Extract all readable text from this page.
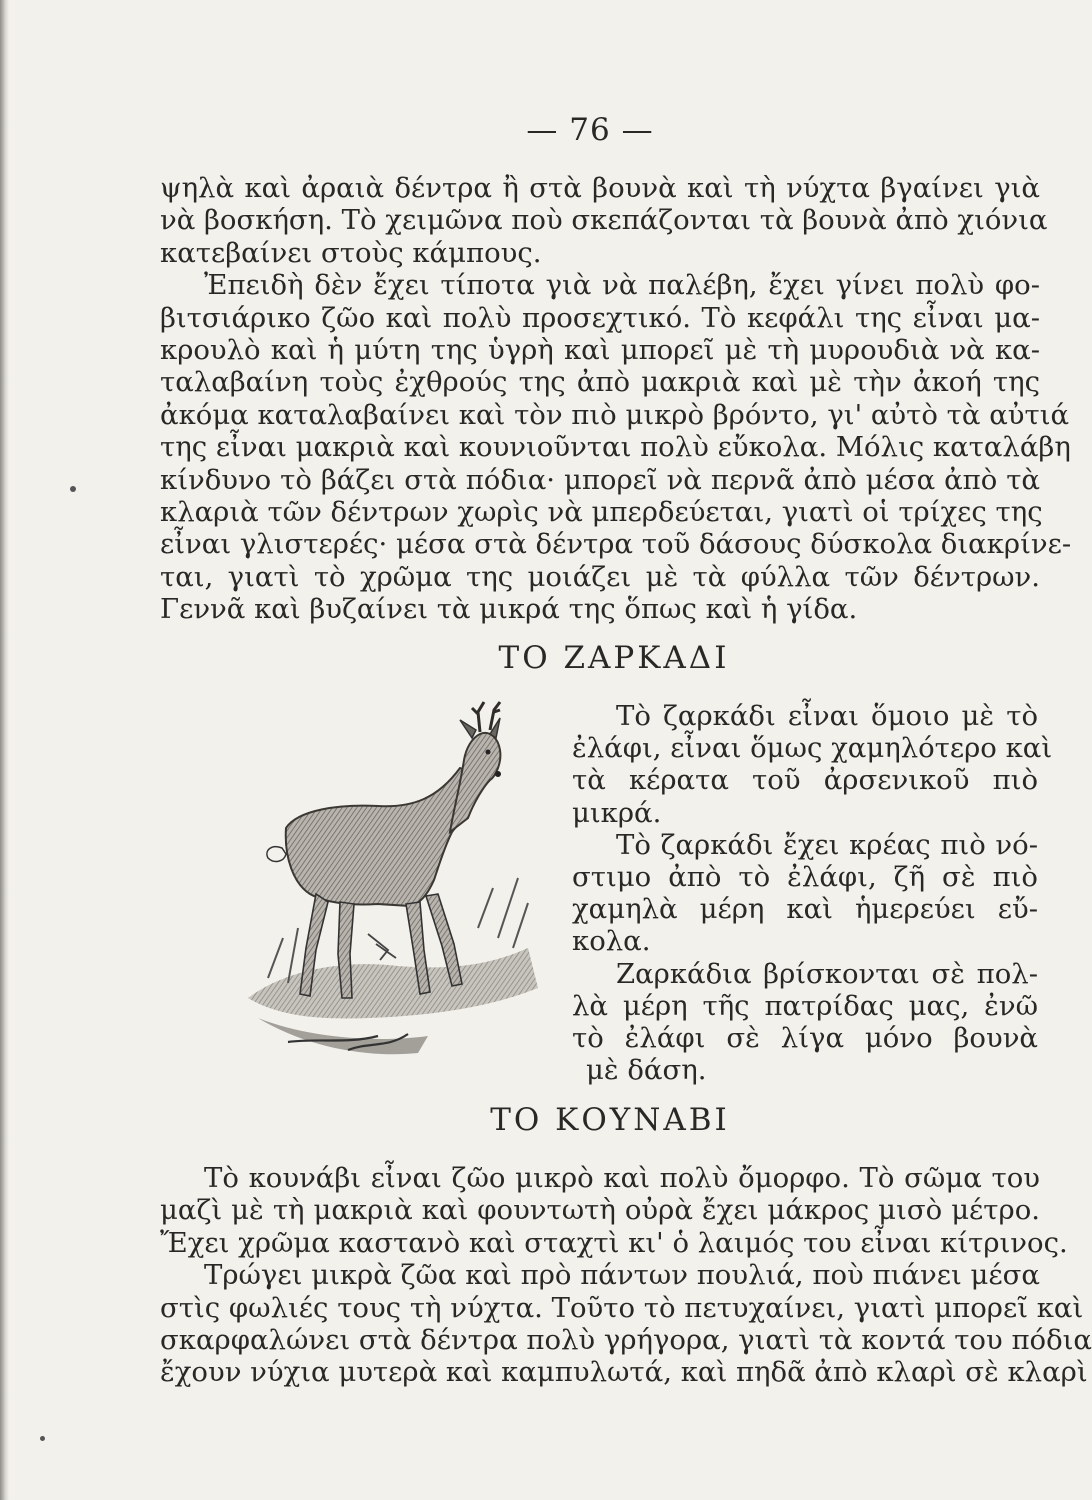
— 76 —
ψηλὰ καὶ ἀραιὰ δέντρα ἢ στὰ βουνὰ καὶ τὴ νύχτα βγαίνει γιὰ
νὰ βοσκήση. Τὸ χειμῶνα ποὺ σκεπάζονται τὰ βουνὰ ἀπὸ χιόνια
κατεβαίνει στοὺς κάμπους.
Ἐπειδὴ δὲν ἔχει τίποτα γιὰ νὰ παλέβη, ἔχει γίνει πολὺ φο-
βιτσιάρικο ζῶο καὶ πολὺ προσεχτικό. Τὸ κεφάλι της εἶναι μα-
κρουλὸ καὶ ἡ μύτη της ὑγρὴ καὶ μπορεῖ μὲ τὴ μυρουδιὰ νὰ κα-
ταλαβαίνη τοὺς ἐχθρούς της ἀπὸ μακριὰ καὶ μὲ τὴν ἀκοή της
ἀκόμα καταλαβαίνει καὶ τὸν πιὸ μικρὸ βρόντο, γι' αὐτὸ τὰ αὐτιά
της εἶναι μακριὰ καὶ κουνιοῦνται πολὺ εὔκολα. Μόλις καταλάβη
κίνδυνο τὸ βάζει στὰ πόδια· μπορεῖ νὰ περνᾶ ἀπὸ μέσα ἀπὸ τὰ
κλαριὰ τῶν δέντρων χωρὶς νὰ μπερδεύεται, γιατὶ οἱ τρίχες της
εἶναι γλιστερές· μέσα στὰ δέντρα τοῦ δάσους δύσκολα διακρίνε-
ται, γιατὶ τὸ χρῶμα της μοιάζει μὲ τὰ φύλλα τῶν δέντρων.
Γεννᾶ καὶ βυζαίνει τὰ μικρά της ὅπως καὶ ἡ γίδα.
ΤΟ ΖΑΡΚΑΔΙ
Τὸ ζαρκάδι εἶναι ὅμοιο μὲ τὸ
ἐλάφι, εἶναι ὅμως χαμηλότερο καὶ
τὰ κέρατα τοῦ ἀρσενικοῦ πιὸ
μικρά.
Τὸ ζαρκάδι ἔχει κρέας πιὸ νό-
στιμο ἀπὸ τὸ ἐλάφι, ζῆ σὲ πιὸ
χαμηλὰ μέρη καὶ ἡμερεύει εὔ-
κολα.
Ζαρκάδια βρίσκονται σὲ πολ-
λὰ μέρη τῆς πατρίδας μας, ἐνῶ
τὸ ἐλάφι σὲ λίγα μόνο βουνὰ
μὲ δάση.
ΤΟ ΚΟΥΝΑΒΙ
Τὸ κουνάβι εἶναι ζῶο μικρὸ καὶ πολὺ ὄμορφο. Τὸ σῶμα του
μαζὶ μὲ τὴ μακριὰ καὶ φουντωτὴ οὐρὰ ἔχει μάκρος μισὸ μέτρο.
Ἔχει χρῶμα καστανὸ καὶ σταχτὶ κι' ὁ λαιμός του εἶναι κίτρινος.
Τρώγει μικρὰ ζῶα καὶ πρὸ πάντων πουλιά, ποὺ πιάνει μέσα
στὶς φωλιές τους τὴ νύχτα. Τοῦτο τὸ πετυχαίνει, γιατὶ μπορεῖ καὶ
σκαρφαλώνει στὰ δέντρα πολὺ γρήγορα, γιατὶ τὰ κοντά του πόδια
ἔχουν νύχια μυτερὰ καὶ καμπυλωτά, καὶ πηδᾶ ἀπὸ κλαρὶ σὲ κλαρὶ
